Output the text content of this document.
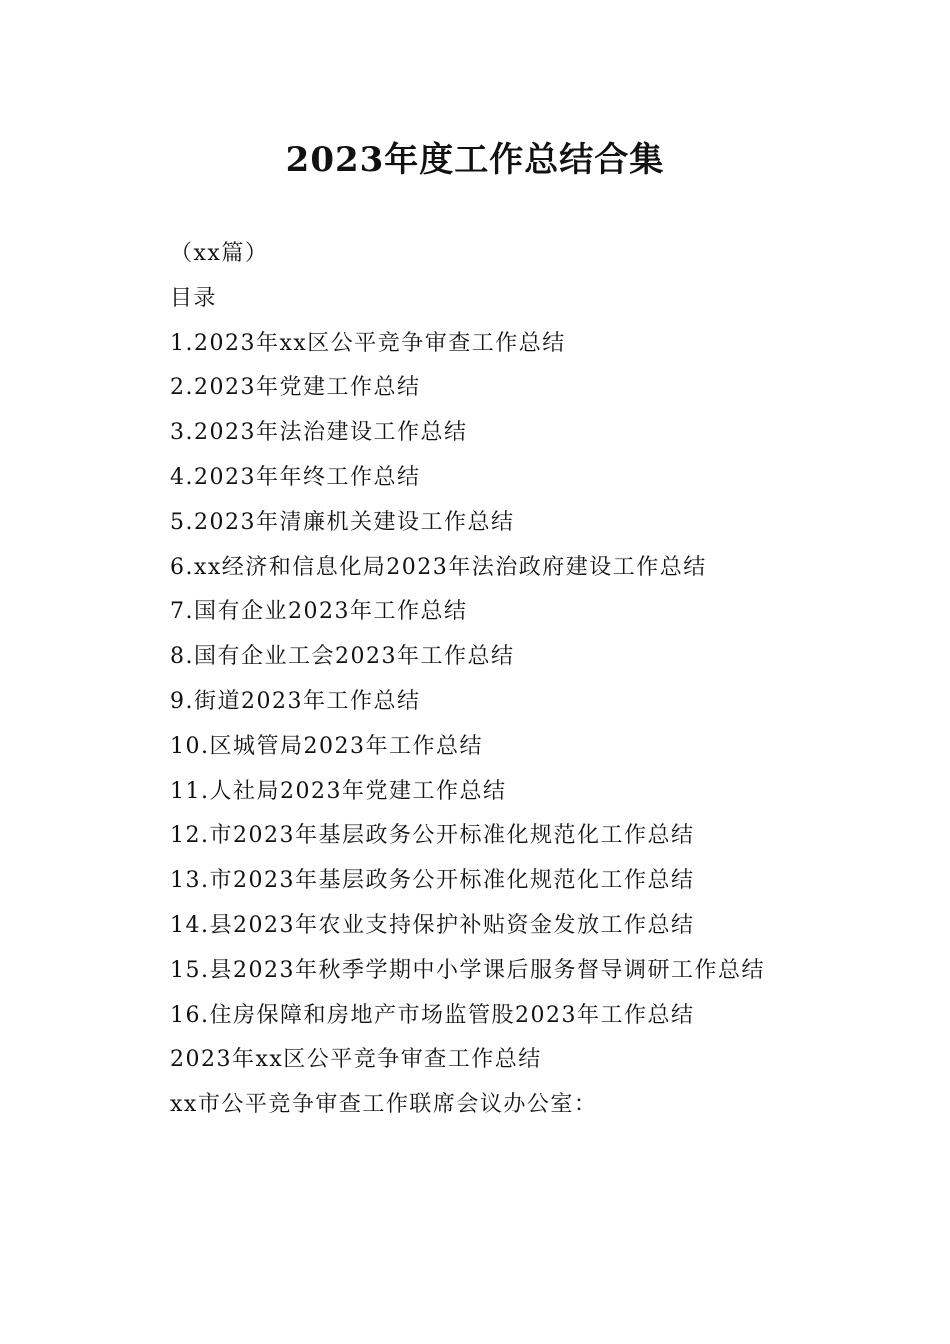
2023年度工作总结合集
（xx篇）
目录
1.2023年xx区公平竞争审查工作总结
2.2023年党建工作总结
3.2023年法治建设工作总结
4.2023年年终工作总结
5.2023年清廉机关建设工作总结
6.xx经济和信息化局2023年法治政府建设工作总结
7.国有企业2023年工作总结
8.国有企业工会2023年工作总结
9.街道2023年工作总结
10.区城管局2023年工作总结
11.人社局2023年党建工作总结
12.市2023年基层政务公开标准化规范化工作总结
13.市2023年基层政务公开标准化规范化工作总结
14.县2023年农业支持保护补贴资金发放工作总结
15.县2023年秋季学期中小学课后服务督导调研工作总结
16.住房保障和房地产市场监管股2023年工作总结
2023年xx区公平竞争审查工作总结
xx市公平竞争审查工作联席会议办公室：
